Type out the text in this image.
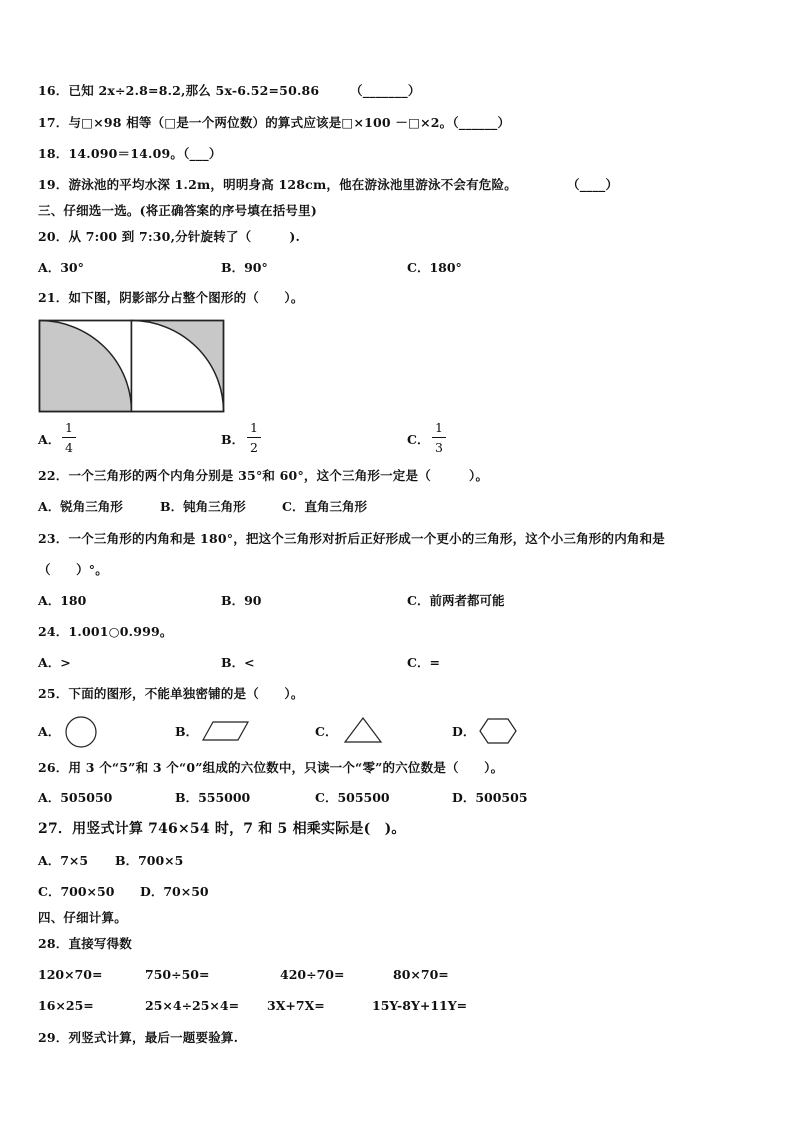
16．已知 2x÷2.8=8.2,那么 5x-6.52=50.86 （_______）
17．与□×98 相等（□是一个两位数）的算式应该是□×100 －□×2。（______）
18．14.090＝14.09。（___）
19．游泳池的平均水深 1.2m，明明身高 128cm，他在游泳池里游泳不会有危险。	（____）
三、仔细选一选。(将正确答案的序号填在括号里)
20．从 7:00 到 7:30,分针旋转了（　　　).
A．30°	B．90°	C．180°
21．如下图，阴影部分占整个图形的（　　）。
A．
1
4
B．
1
2
C．
1
3
22．一个三角形的两个内角分别是 35°和 60°，这个三角形一定是（　　　）。
A．锐角三角形	B．钝角三角形	C．直角三角形
23．一个三角形的内角和是 180°，把这个三角形对折后正好形成一个更小的三角形，这个小三角形的内角和是
（　　）°。
A．180	B．90	C．前两者都可能
24．1.001○0.999。
A．>	B．<	C．=
25．下面的图形，不能单独密铺的是（　　）。
A．	B．	C．	D．
26．用 3 个“5”和 3 个“0”组成的六位数中，只读一个“零”的六位数是（　　）。
A．505050	B．555000	C．505500	D．500505
27．用竖式计算 746×54 时，7 和 5 相乘实际是(　)。
A．7×5 B．700×5
C．700×50 D．70×50
四、仔细计算。
28．直接写得数
120×70=	750÷50=	420÷70=	80×70=
16×25=	25×4÷25×4= 3X+7X=	15Y-8Y+11Y=
29．列竖式计算，最后一题要验算.
